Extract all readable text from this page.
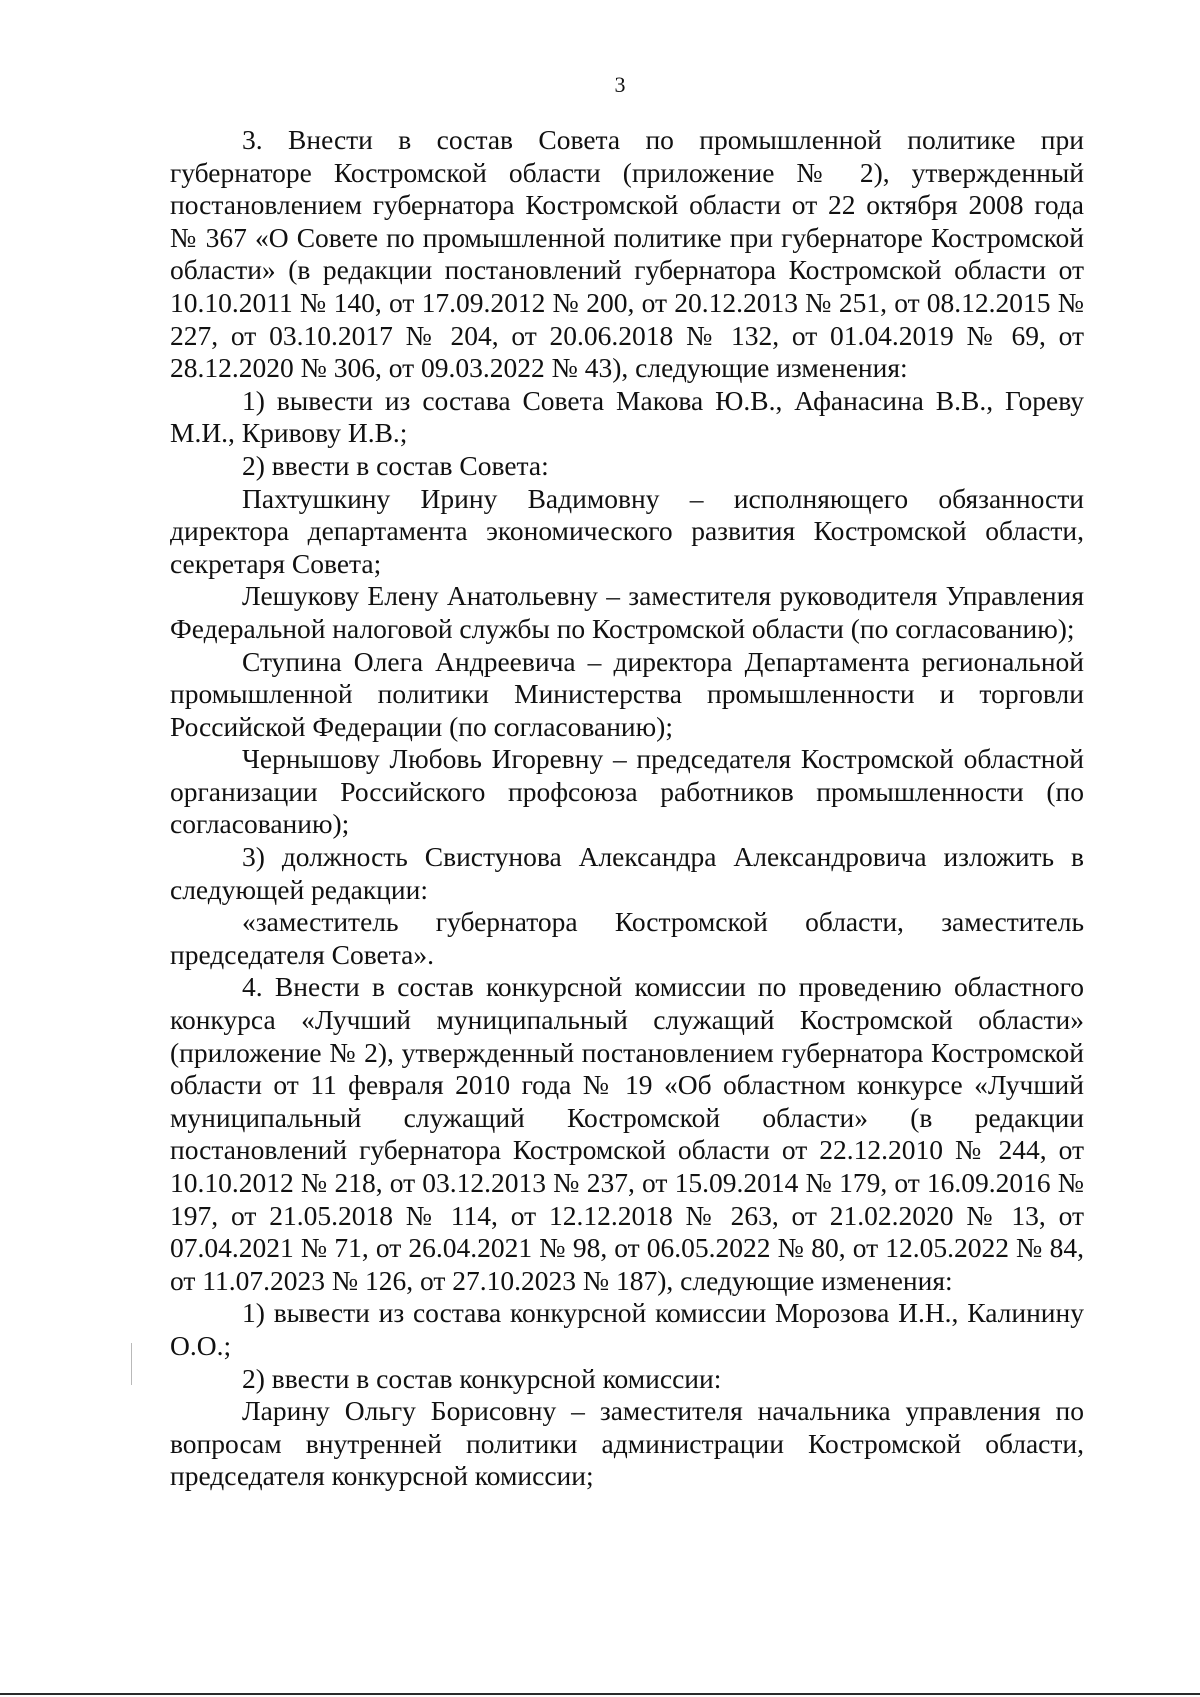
3

3. Внести в состав Совета по промышленной политике при губернаторе Костромской области (приложение № 2), утвержденный постановлением губернатора Костромской области от 22 октября 2008 года № 367 «О Совете по промышленной политике при губернаторе Костромской области» (в редакции постановлений губернатора Костромской области от 10.10.2011 № 140, от 17.09.2012 № 200, от 20.12.2013 № 251, от 08.12.2015 № 227, от 03.10.2017 № 204, от 20.06.2018 № 132, от 01.04.2019 № 69, от 28.12.2020 № 306, от 09.03.2022 № 43), следующие изменения:

1) вывести из состава Совета Макова Ю.В., Афанасина В.В., Гореву М.И., Кривову И.В.;

2) ввести в состав Совета:

Пахтушкину Ирину Вадимовну – исполняющего обязанности директора департамента экономического развития Костромской области, секретаря Совета;

Лешукову Елену Анатольевну – заместителя руководителя Управления Федеральной налоговой службы по Костромской области (по согласованию);

Ступина Олега Андреевича – директора Департамента региональной промышленной политики Министерства промышленности и торговли Российской Федерации (по согласованию);

Чернышову Любовь Игоревну – председателя Костромской областной организации Российского профсоюза работников промышленности (по согласованию);

3) должность Свистунова Александра Александровича изложить в следующей редакции:

«заместитель губернатора Костромской области, заместитель председателя Совета».

4. Внести в состав конкурсной комиссии по проведению областного конкурса «Лучший муниципальный служащий Костромской области» (приложение № 2), утвержденный постановлением губернатора Костромской области от 11 февраля 2010 года № 19 «Об областном конкурсе «Лучший муниципальный служащий Костромской области» (в редакции постановлений губернатора Костромской области от 22.12.2010 № 244, от 10.10.2012 № 218, от 03.12.2013 № 237, от 15.09.2014 № 179, от 16.09.2016 № 197, от 21.05.2018 № 114, от 12.12.2018 № 263, от 21.02.2020 № 13, от 07.04.2021 № 71, от 26.04.2021 № 98, от 06.05.2022 № 80, от 12.05.2022 № 84, от 11.07.2023 № 126, от 27.10.2023 № 187), следующие изменения:

1) вывести из состава конкурсной комиссии Морозова И.Н., Калинину О.О.;

2) ввести в состав конкурсной комиссии:

Ларину Ольгу Борисовну – заместителя начальника управления по вопросам внутренней политики администрации Костромской области, председателя конкурсной комиссии;
